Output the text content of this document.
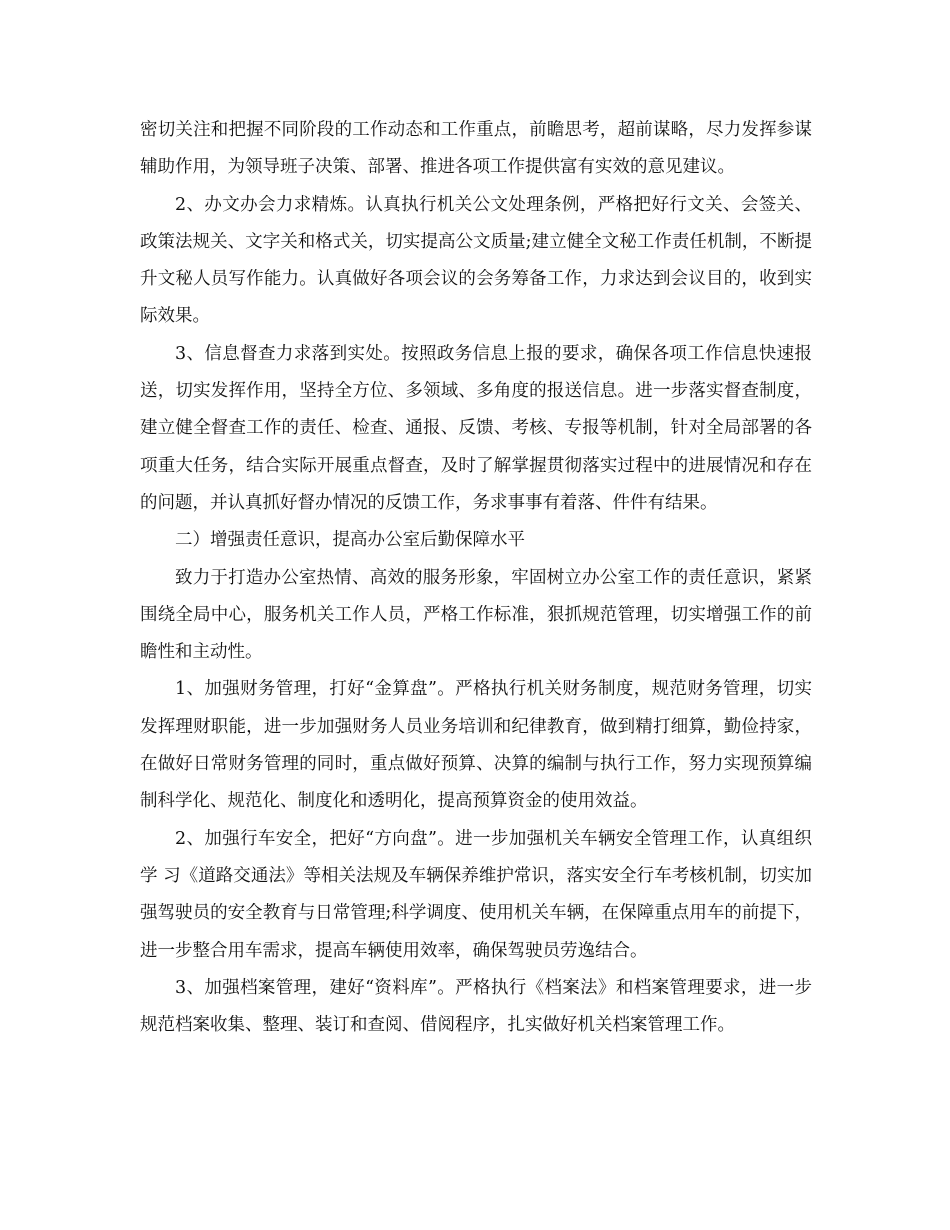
密切关注和把握不同阶段的工作动态和工作重点，前瞻思考，超前谋略，尽力发挥参谋辅助作用，为领导班子决策、部署、推进各项工作提供富有实效的意见建议。

2、办文办会力求精炼。认真执行机关公文处理条例，严格把好行文关、会签关、政策法规关、文字关和格式关，切实提高公文质量;建立健全文秘工作责任机制，不断提升文秘人员写作能力。认真做好各项会议的会务筹备工作，力求达到会议目的，收到实际效果。

3、信息督查力求落到实处。按照政务信息上报的要求，确保各项工作信息快速报送，切实发挥作用，坚持全方位、多领域、多角度的报送信息。进一步落实督查制度，建立健全督查工作的责任、检查、通报、反馈、考核、专报等机制，针对全局部署的各项重大任务，结合实际开展重点督查，及时了解掌握贯彻落实过程中的进展情况和存在的问题，并认真抓好督办情况的反馈工作，务求事事有着落、件件有结果。

二）增强责任意识，提高办公室后勤保障水平

致力于打造办公室热情、高效的服务形象，牢固树立办公室工作的责任意识，紧紧围绕全局中心，服务机关工作人员，严格工作标准，狠抓规范管理，切实增强工作的前瞻性和主动性。

1、加强财务管理，打好“金算盘”。严格执行机关财务制度，规范财务管理，切实发挥理财职能，进一步加强财务人员业务培训和纪律教育，做到精打细算，勤俭持家，在做好日常财务管理的同时，重点做好预算、决算的编制与执行工作，努力实现预算编制科学化、规范化、制度化和透明化，提高预算资金的使用效益。

2、加强行车安全，把好“方向盘”。进一步加强机关车辆安全管理工作，认真组织学 习《道路交通法》等相关法规及车辆保养维护常识，落实安全行车考核机制，切实加强驾驶员的安全教育与日常管理;科学调度、使用机关车辆，在保障重点用车的前提下，进一步整合用车需求，提高车辆使用效率，确保驾驶员劳逸结合。

3、加强档案管理，建好“资料库”。严格执行《档案法》和档案管理要求，进一步规范档案收集、整理、装订和查阅、借阅程序，扎实做好机关档案管理工作。
